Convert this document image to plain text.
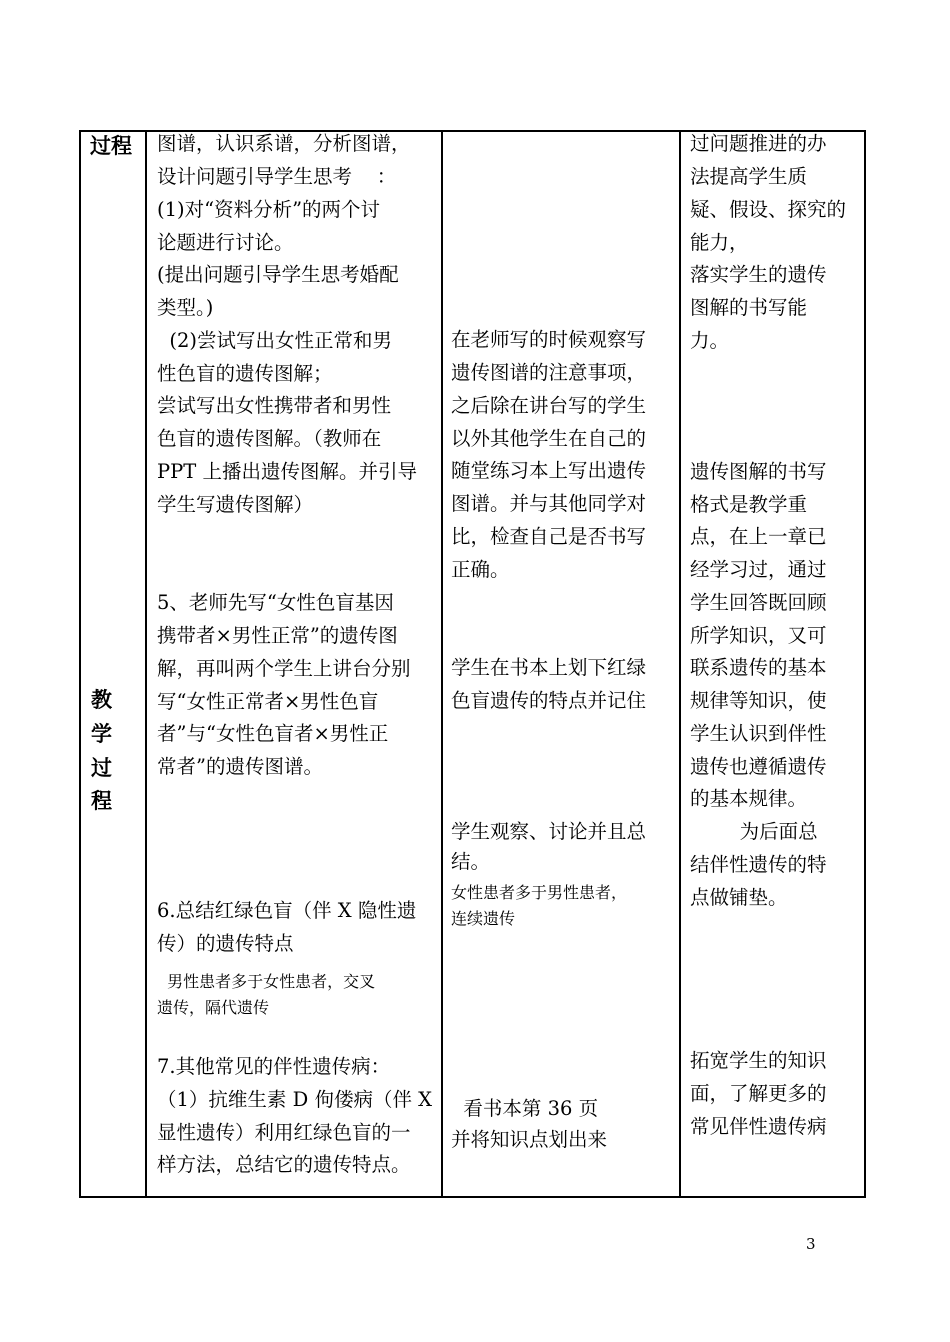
过程
教
学
过
程
图谱，认识系谱，分析图谱，
设计问题引导学生思考    ：
(1)对“资料分析”的两个讨
论题进行讨论。
(提出问题引导学生思考婚配
类型。)
(2)尝试写出女性正常和男
性色盲的遗传图解；
尝试写出女性携带者和男性
色盲的遗传图解。（教师在
PPT 上播出遗传图解。并引导
学生写遗传图解）
5、老师先写“女性色盲基因
携带者×男性正常”的遗传图
解，再叫两个学生上讲台分别
写“女性正常者×男性色盲
者”与“女性色盲者×男性正
常者”的遗传图谱。
6.总结红绿色盲（伴 X 隐性遗
传）的遗传特点
男性患者多于女性患者，交叉
遗传，隔代遗传
7.其他常见的伴性遗传病：
（1）抗维生素 D 佝偻病（伴 X
显性遗传）利用红绿色盲的一
样方法，总结它的遗传特点。
在老师写的时候观察写
遗传图谱的注意事项，
之后除在讲台写的学生
以外其他学生在自己的
随堂练习本上写出遗传
图谱。并与其他同学对
比，检查自己是否书写
正确。
学生在书本上划下红绿
色盲遗传的特点并记住
学生观察、讨论并且总
结。
女性患者多于男性患者，
连续遗传
看书本第 36 页
并将知识点划出来
过问题推进的办
法提高学生质
疑、假设、探究的
能力，
落实学生的遗传
图解的书写能
力。
遗传图解的书写
格式是教学重
点，在上一章已
经学习过，通过
学生回答既回顾
所学知识，又可
联系遗传的基本
规律等知识，使
学生认识到伴性
遗传也遵循遗传
的基本规律。
为后面总
结伴性遗传的特
点做铺垫。
拓宽学生的知识
面，了解更多的
常见伴性遗传病
3
